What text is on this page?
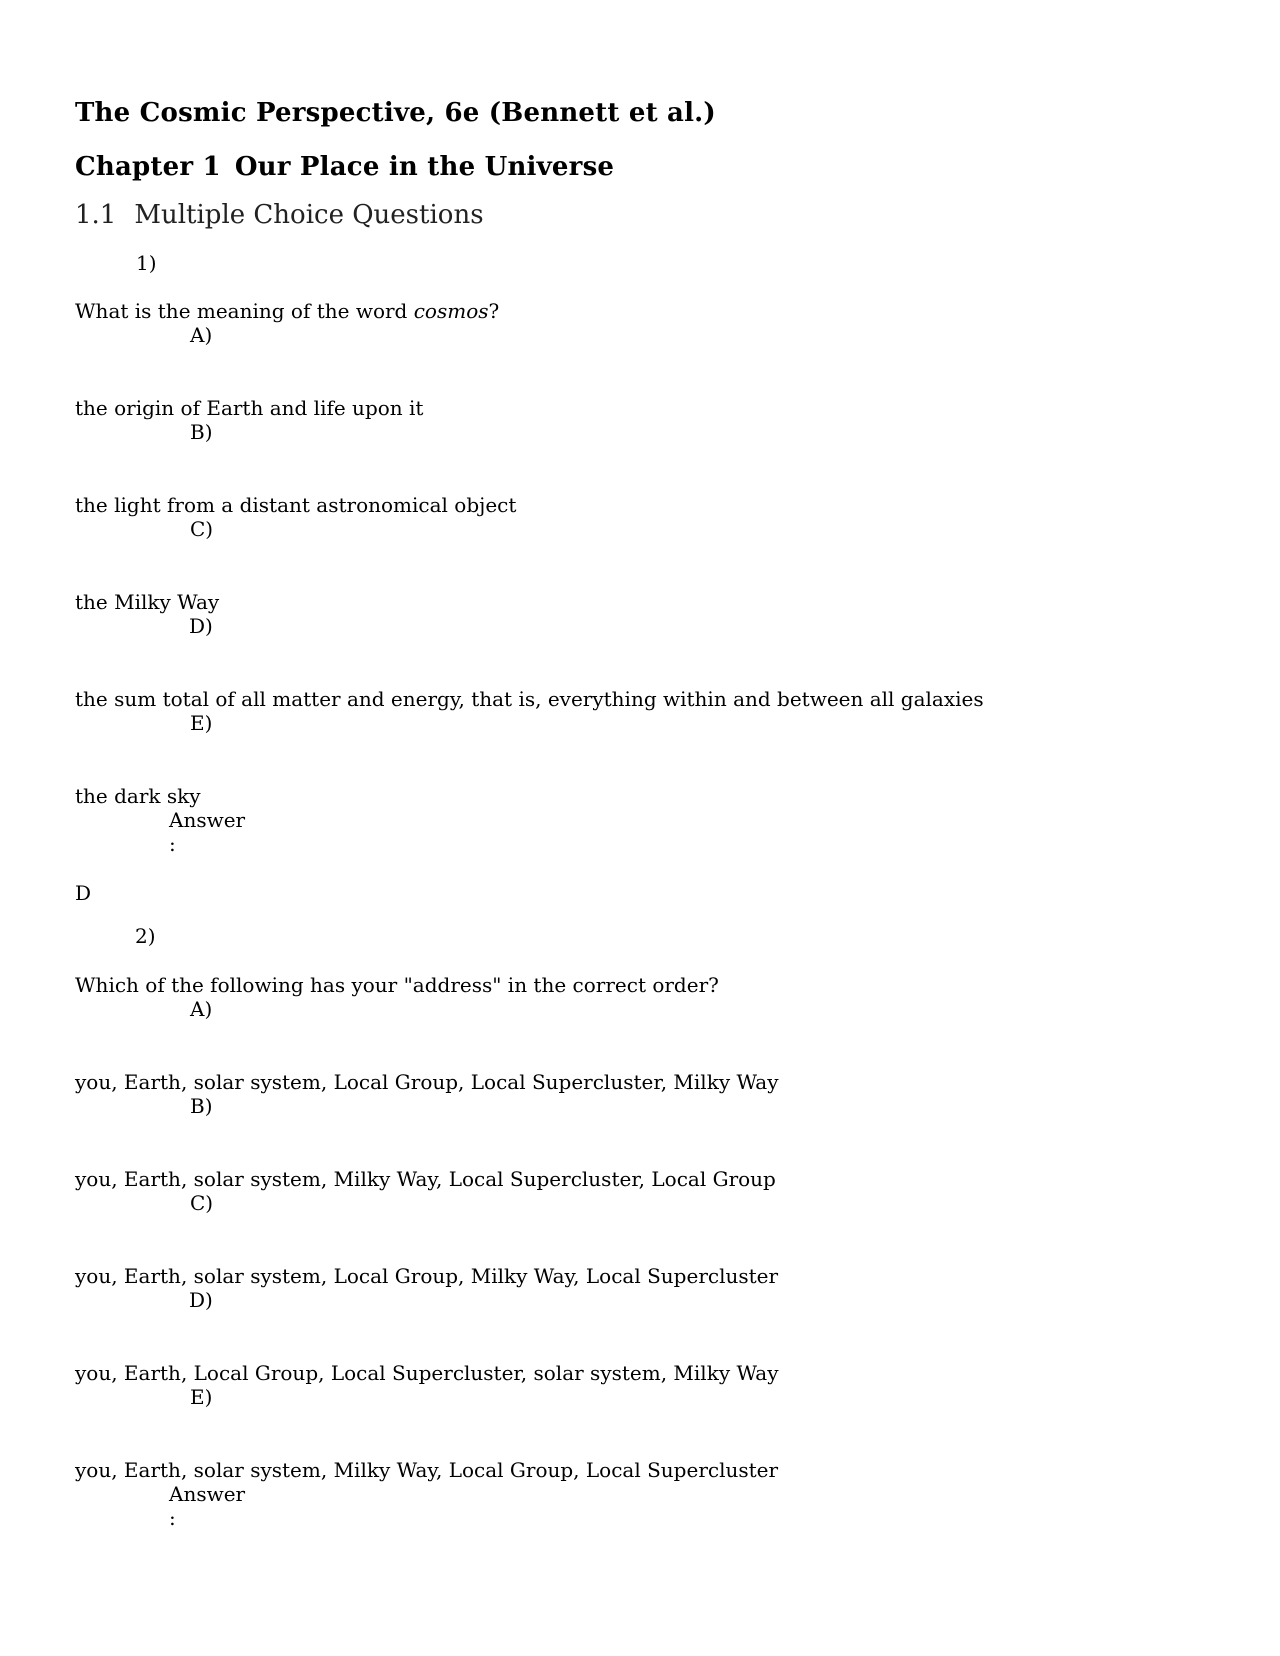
The Cosmic Perspective, 6e (Bennett et al.)
Chapter 1 Our Place in the Universe
1.1 Multiple Choice Questions
1)
What is the meaning of the word cosmos?
A)
the origin of Earth and life upon it
B)
the light from a distant astronomical object
C)
the Milky Way
D)
the sum total of all matter and energy, that is, everything within and between all galaxies
E)
the dark sky
Answer
:
D
2)
Which of the following has your "address" in the correct order?
A)
you, Earth, solar system, Local Group, Local Supercluster, Milky Way
B)
you, Earth, solar system, Milky Way, Local Supercluster, Local Group
C)
you, Earth, solar system, Local Group, Milky Way, Local Supercluster
D)
you, Earth, Local Group, Local Supercluster, solar system, Milky Way
E)
you, Earth, solar system, Milky Way, Local Group, Local Supercluster
Answer
:
